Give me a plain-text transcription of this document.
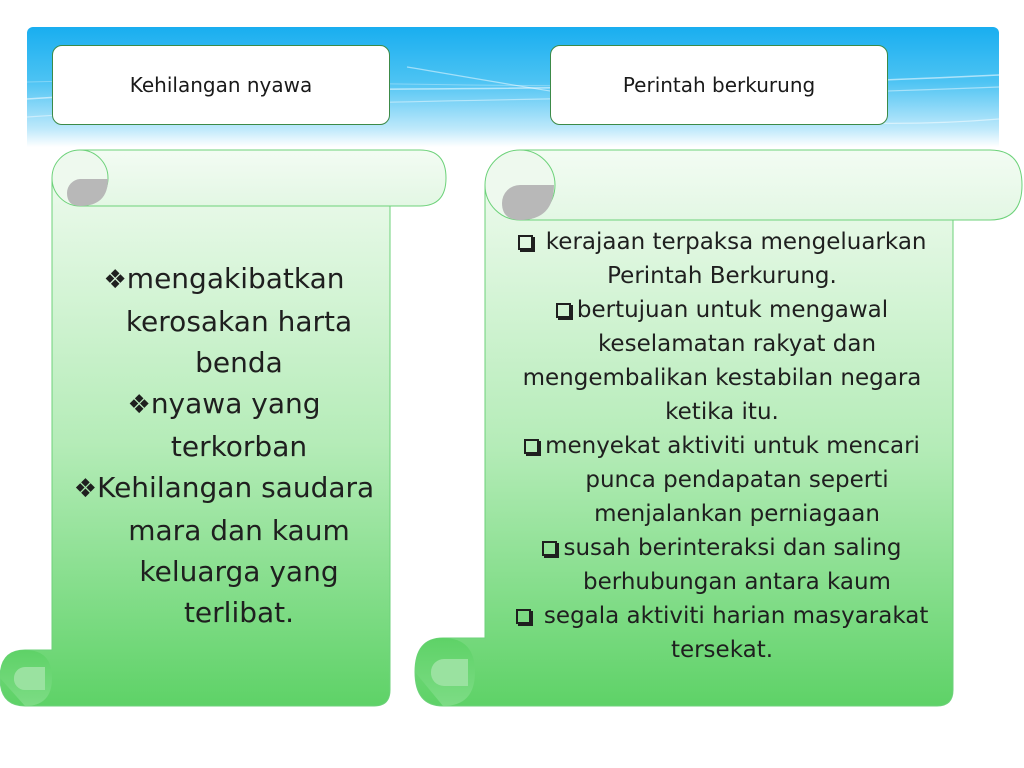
Kehilangan nyawa	Perintah berkurung
❖mengakibatkan
kerosakan harta
benda
❖nyawa yang
terkorban
❖Kehilangan saudara
mara dan kaum
keluarga yang
terlibat.
kerajaan terpaksa mengeluarkan
Perintah Berkurung.
bertujuan untuk mengawal
keselamatan rakyat dan
mengembalikan kestabilan negara
ketika itu.
menyekat aktiviti untuk mencari
punca pendapatan seperti
menjalankan perniagaan
susah berinteraksi dan saling
berhubungan antara kaum
segala aktiviti harian masyarakat
tersekat.
